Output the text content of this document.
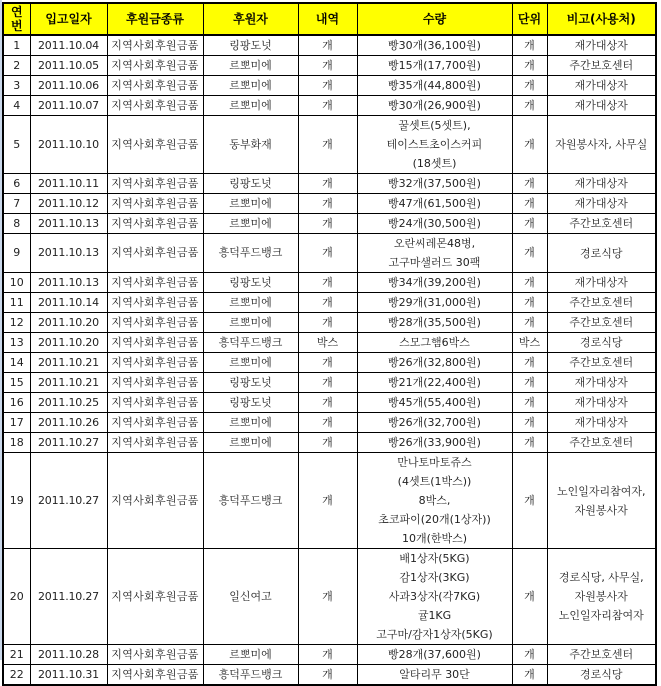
연
번	입고일자	후원금종류	후원자	내역	수량	단위	비고(사용처)
1	2011.10.04	지역사회후원금품	링팡도넛	개	빵30개(36,100원)	개	재가대상자

2	2011.10.05	지역사회후원금품	르뽀미에	개	빵15개(17,700원)	개	주간보호센터

3	2011.10.06	지역사회후원금품	르뽀미에	개	빵35개(44,800원)	개	재가대상자

4	2011.10.07	지역사회후원금품	르뽀미에	개	빵30개(26,900원)	개	재가대상자

5	2011.10.10	지역사회후원금품	동부화재	개	꿀셋트(5셋트),
테이스트초이스커피
(18셋트)	개	자원봉사자, 사무실

6	2011.10.11	지역사회후원금품	링팡도넛	개	빵32개(37,500원)	개	재가대상자

7	2011.10.12	지역사회후원금품	르뽀미에	개	빵47개(61,500원)	개	재가대상자

8	2011.10.13	지역사회후원금품	르뽀미에	개	빵24개(30,500원)	개	주간보호센터

9	2011.10.13	지역사회후원금품	흥덕푸드뱅크	개	오란씨레몬48병,
고구마샐러드 30팩	개	경로식당

10	2011.10.13	지역사회후원금품	링팡도넛	개	빵34개(39,200원)	개	재가대상자

11	2011.10.14	지역사회후원금품	르뽀미에	개	빵29개(31,000원)	개	주간보호센터

12	2011.10.20	지역사회후원금품	르뽀미에	개	빵28개(35,500원)	개	주간보호센터

13	2011.10.20	지역사회후원금품	흥덕푸드뱅크	박스	스모그햄6박스	박스	경로식당

14	2011.10.21	지역사회후원금품	르뽀미에	개	빵26개(32,800원)	개	주간보호센터

15	2011.10.21	지역사회후원금품	링팡도넛	개	빵21개(22,400원)	개	재가대상자

16	2011.10.25	지역사회후원금품	링팡도넛	개	빵45개(55,400원)	개	재가대상자

17	2011.10.26	지역사회후원금품	르뽀미에	개	빵26개(32,700원)	개	재가대상자

18	2011.10.27	지역사회후원금품	르뽀미에	개	빵26개(33,900원)	개	주간보호센터

19	2011.10.27	지역사회후원금품	흥덕푸드뱅크	개	만나토마토쥬스
(4셋트(1박스))
8박스,
초코파이(20개(1상자))
10개(한박스)	개	노인일자리참여자,
자원봉사자

20	2011.10.27	지역사회후원금품	일신여고	개	배1상자(5KG)
감1상자(3KG)
사과3상자(각7KG)
귤1KG
고구마/감자1상자(5KG)	개	경로식당, 사무실,
자원봉사자
노인일자리참여자

21	2011.10.28	지역사회후원금품	르뽀미에	개	빵28개(37,600원)	개	주간보호센터

22	2011.10.31	지역사회후원금품	흥덕푸드뱅크	개	알타리무 30단	개	경로식당
